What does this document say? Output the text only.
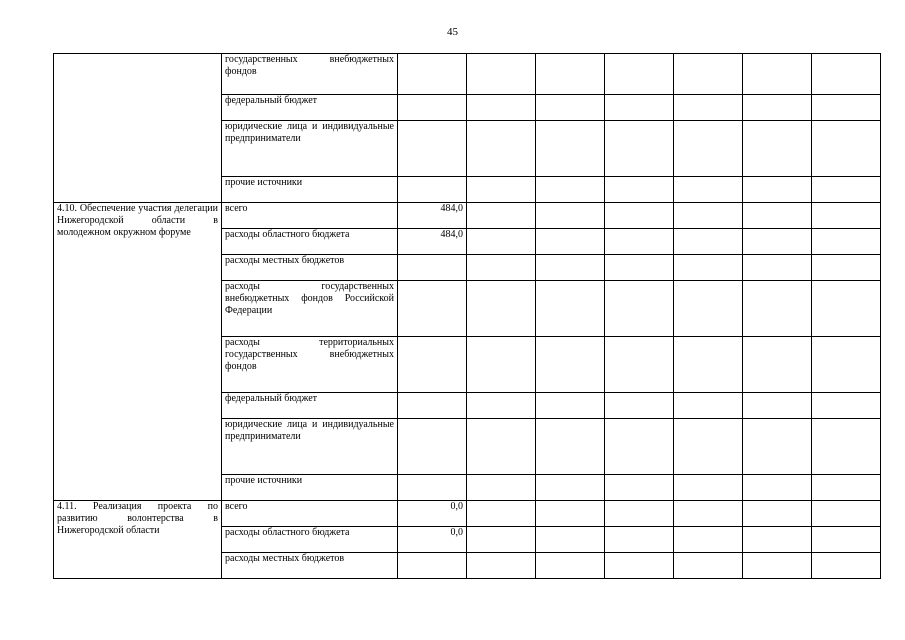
45
	государственных внебюджетных фондов							
	федеральный бюджет							
	юридические лица и индивидуальные предприниматели							
	прочие источники							
4.10. Обеспечение участия делегации Нижегородской области в молодежном окружном форуме	всего	484,0						
	расходы областного бюджета	484,0						
	расходы местных бюджетов							
	расходы государственных внебюджетных фондов Российской Федерации							
	расходы территориальных государственных внебюджетных фондов							
	федеральный бюджет							
	юридические лица и индивидуальные предприниматели							
	прочие источники							
4.11. Реализация проекта по развитию волонтерства в Нижегородской области	всего	0,0						
	расходы областного бюджета	0,0						
	расходы местных бюджетов							
